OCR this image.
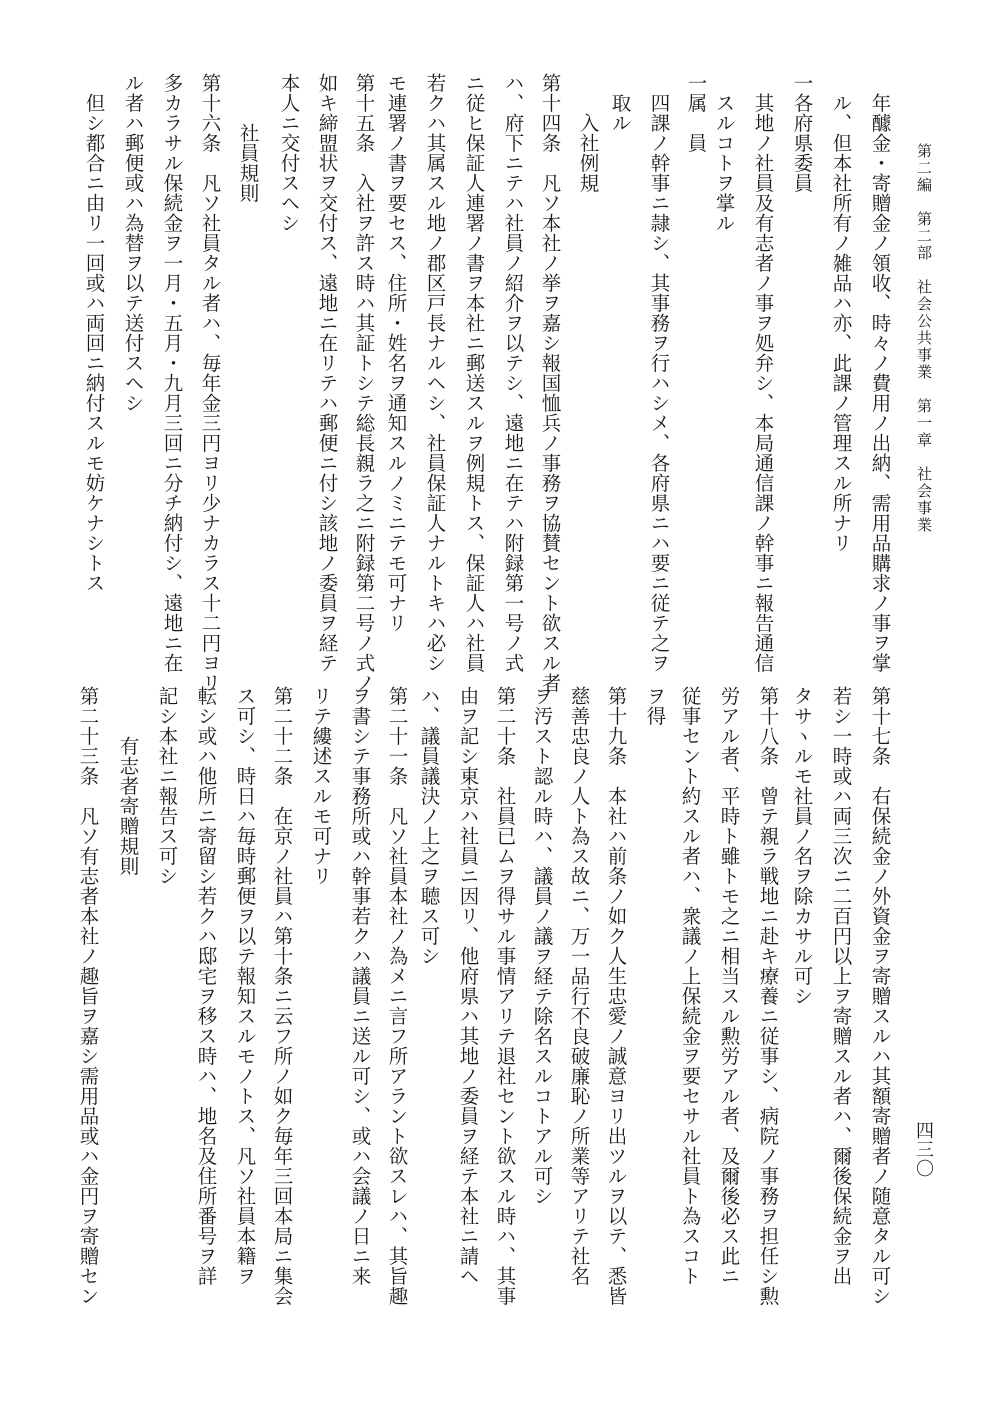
第二編　第二部　社会公共事業　第一章　社会事業
四三〇
年醵金・寄贈金ノ領收、時々ノ費用ノ出納、需用品購求ノ事ヲ掌
ル、但本社所有ノ雑品ハ亦、此課ノ管理スル所ナリ
一各府県委員
其地ノ社員及有志者ノ事ヲ処弁シ、本局通信課ノ幹事ニ報告通信
スルコトヲ掌ル
一属　員
四課ノ幹事ニ隷シ、其事務ヲ行ハシメ、各府県ニハ要ニ従テ之ヲ
取ル
入社例規
第十四条　凡ソ本社ノ挙ヲ嘉シ報国恤兵ノ事務ヲ協賛セント欲スル者
ハ、府下ニテハ社員ノ紹介ヲ以テシ、遠地ニ在テハ附録第一号ノ式
ニ従ヒ保証人連署ノ書ヲ本社ニ郵送スルヲ例規トス、保証人ハ社員
若クハ其属スル地ノ郡区戸長ナルヘシ、社員保証人ナルトキハ必シ
モ連署ノ書ヲ要セス、住所・姓名ヲ通知スルノミニテモ可ナリ
第十五条　入社ヲ許ス時ハ其証トシテ総長親ラ之ニ附録第二号ノ式ノ
如キ締盟状ヲ交付ス、遠地ニ在リテハ郵便ニ付シ該地ノ委員ヲ経テ
本人ニ交付スヘシ
社員規則
第十六条　凡ソ社員タル者ハ、毎年金三円ヨリ少ナカラス十二円ヨリ
多カラサル保続金ヲ一月・五月・九月三回ニ分チ納付シ、遠地ニ在
ル者ハ郵便或ハ為替ヲ以テ送付スヘシ
但シ都合ニ由リ一回或ハ両回ニ納付スルモ妨ケナシトス
第十七条　右保続金ノ外資金ヲ寄贈スルハ其額寄贈者ノ随意タル可シ
若シ一時或ハ両三次ニ二百円以上ヲ寄贈スル者ハ、爾後保続金ヲ出
タサヽルモ社員ノ名ヲ除カサル可シ
第十八条　曾テ親ラ戦地ニ赴キ療養ニ従事シ、病院ノ事務ヲ担任シ勲
労アル者、平時ト雖トモ之ニ相当スル勲労アル者、及爾後必ス此ニ
従事セント約スル者ハ、衆議ノ上保続金ヲ要セサル社員ト為スコト
ヲ得
第十九条　本社ハ前条ノ如ク人生忠愛ノ誠意ヨリ出ツルヲ以テ、悉皆
慈善忠良ノ人ト為ス故ニ、万一品行不良破廉恥ノ所業等アリテ社名
ヲ汚スト認ル時ハ、議員ノ議ヲ経テ除名スルコトアル可シ
第二十条　社員已ムヲ得サル事情アリテ退社セント欲スル時ハ、其事
由ヲ記シ東京ハ社員ニ因リ、他府県ハ其地ノ委員ヲ経テ本社ニ請ヘ
ハ、議員議決ノ上之ヲ聴ス可シ
第二十一条　凡ソ社員本社ノ為メニ言フ所アラント欲スレハ、其旨趣
ヲ書シテ事務所或ハ幹事若クハ議員ニ送ル可シ、或ハ会議ノ日ニ来
リテ縷述スルモ可ナリ
第二十二条　在京ノ社員ハ第十条ニ云フ所ノ如ク毎年三回本局ニ集会
ス可シ、時日ハ毎時郵便ヲ以テ報知スルモノトス、凡ソ社員本籍ヲ
転シ或ハ他所ニ寄留シ若クハ邸宅ヲ移ス時ハ、地名及住所番号ヲ詳
記シ本社ニ報告ス可シ
有志者寄贈規則
第二十三条　凡ソ有志者本社ノ趣旨ヲ嘉シ需用品或ハ金円ヲ寄贈セン
